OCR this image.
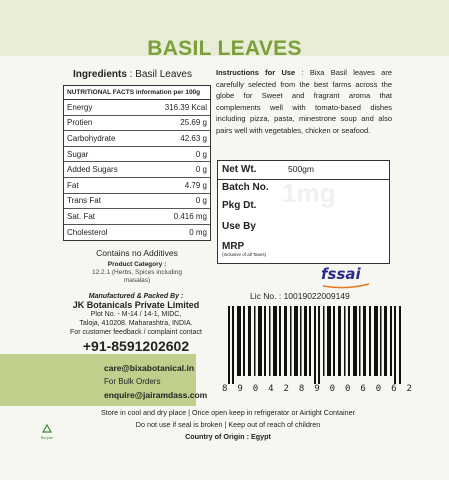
BASIL LEAVES
Ingredients : Basil Leaves
NUTRITIONAL FACTS information per 100g
Energy	316.39 Kcal
Protien	25.69 g
Carbohydrate	42.63 g
Sugar	0 g
Added Sugars	0 g
Fat	4.79 g
Trans Fat	0 g
Sat. Fat	0.416 mg
Cholesterol	0 mg
Contains no Additives
Product Category :
12.2.1 (Herbs, Spices including masalas)
Manufactured & Packed By :
JK Botanicals Private Limited
Plot No. - M-14 / 14-1, MIDC,
Taloja, 410208. Maharashtra, INDIA.
For customer feedback / complaint contact
+91-8591202602
care@bixabotanical.in
For Bulk Orders
enquire@jairamdass.com
Instructions for Use : Bixa Basil leaves are carefully selected from the best farms across the globe for Sweet and fragrant aroma that complements well with tomato-based dishes including pizza, pasta, minestrone soup and also pairs well with vegetables, chicken or seafood.
Net Wt.	500gm
Batch No.
Pkg Dt.
Use By
MRP
(Inclusive of all Taxes)
1mg
fssai
Lic No. : 10019022009149
8 9 0 4 2 8 9 0 0 6 0 6 2
Store in cool and dry place | Once open keep in refrigerator or Airtight Container
Do not use if seal is broken | Keep out of reach of children
Country of Origin : Egypt
Recycle
